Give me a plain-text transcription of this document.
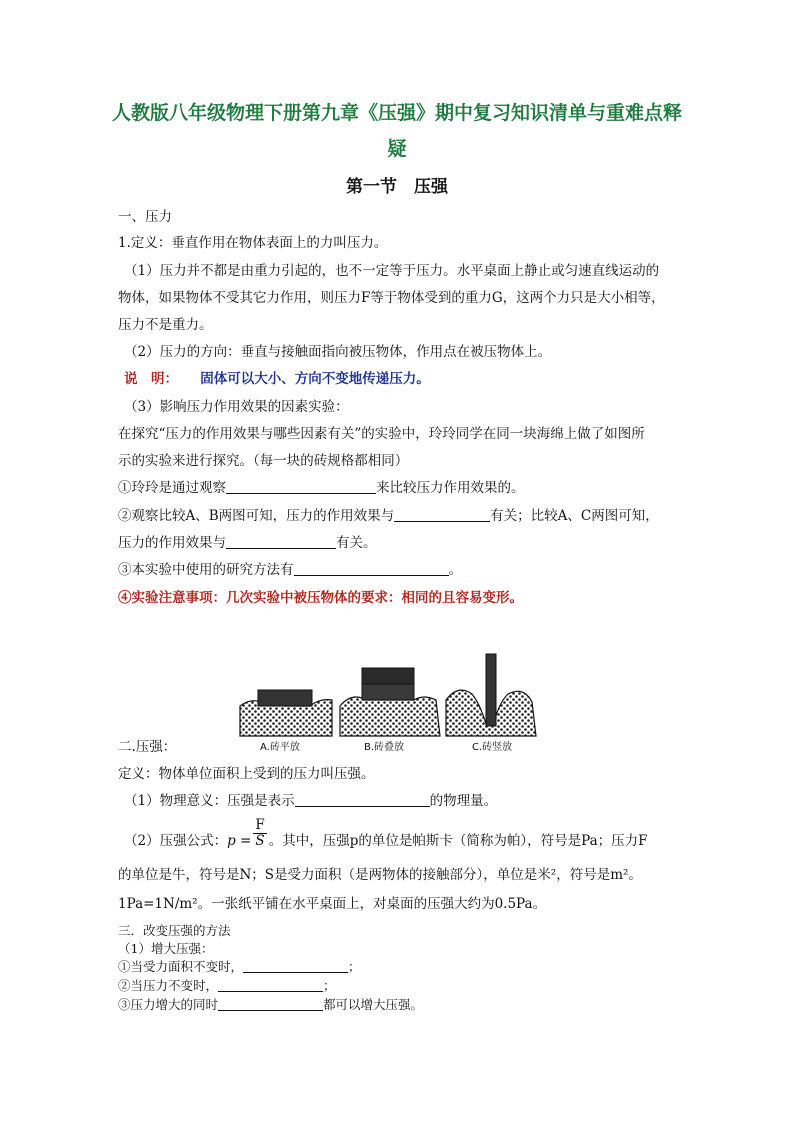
人教版八年级物理下册第九章《压强》期中复习知识清单与重难点释
疑
第一节　压强
一、压力
1.定义：垂直作用在物体表面上的力叫压力。
（1）压力并不都是由重力引起的，也不一定等于压力。水平桌面上静止或匀速直线运动的
物体，如果物体不受其它力作用，则压力F等于物体受到的重力G，这两个力只是大小相等，
压力不是重力。
（2）压力的方向：垂直与接触面指向被压物体，作用点在被压物体上。
说　明： 固体可以大小、方向不变地传递压力。
（3）影响压力作用效果的因素实验：
在探究“压力的作用效果与哪些因素有关”的实验中，玲玲同学在同一块海绵上做了如图所
示的实验来进行探究。（每一块的砖规格都相同）
①玲玲是通过观察	来比较压力作用效果的。
②观察比较A、B两图可知，压力的作用效果与	有关；比较A、C两图可知，
压力的作用效果与	有关。
③本实验中使用的研究方法有	。
④实验注意事项：几次实验中被压物体的要求：相同的且容易变形。
A.砖平放	B.砖叠放	C.砖竖放
二.压强：
定义：物体单位面积上受到的压力叫压强。
（1）物理意义：压强是表示	的物理量。
（2）压强公式：$p = \frac{F}{S}$ 。其中，压强p的单位是帕斯卡（简称为帕），符号是Pa；压力F
的单位是牛，符号是N；S是受力面积（是两物体的接触部分），单位是米²，符号是m²。
1Pa=1N/m²。一张纸平铺在水平桌面上，对桌面的压强大约为0.5Pa。
三．改变压强的方法
（1）增大压强：
①当受力面积不变时，	；
②当压力不变时，	；
③压力增大的同时	都可以增大压强。
